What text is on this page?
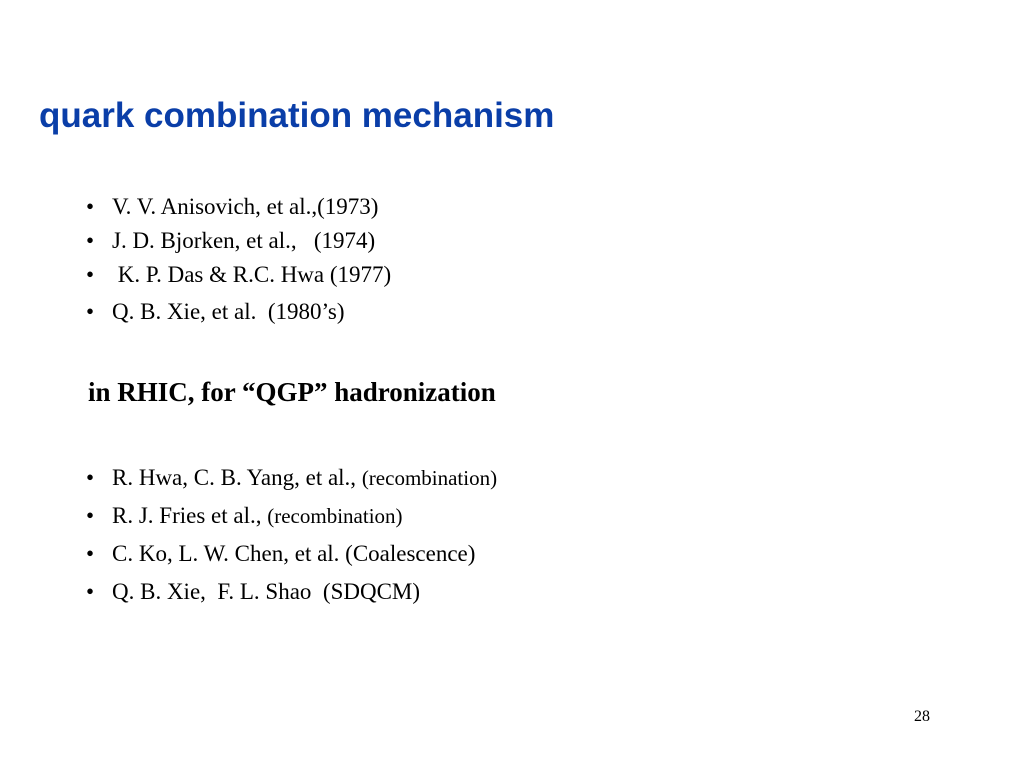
quark combination mechanism
• V. V. Anisovich, et al.,(1973)
• J. D. Bjorken, et al.,   (1974)
•  K. P. Das & R.C. Hwa (1977)
• Q. B. Xie, et al.  (1980’s)
in RHIC, for “QGP” hadronization
• R. Hwa, C. B. Yang, et al., (recombination)
• R. J. Fries et al., (recombination)
• C. Ko, L. W. Chen, et al. (Coalescence)
• Q. B. Xie,  F. L. Shao  (SDQCM)
28
